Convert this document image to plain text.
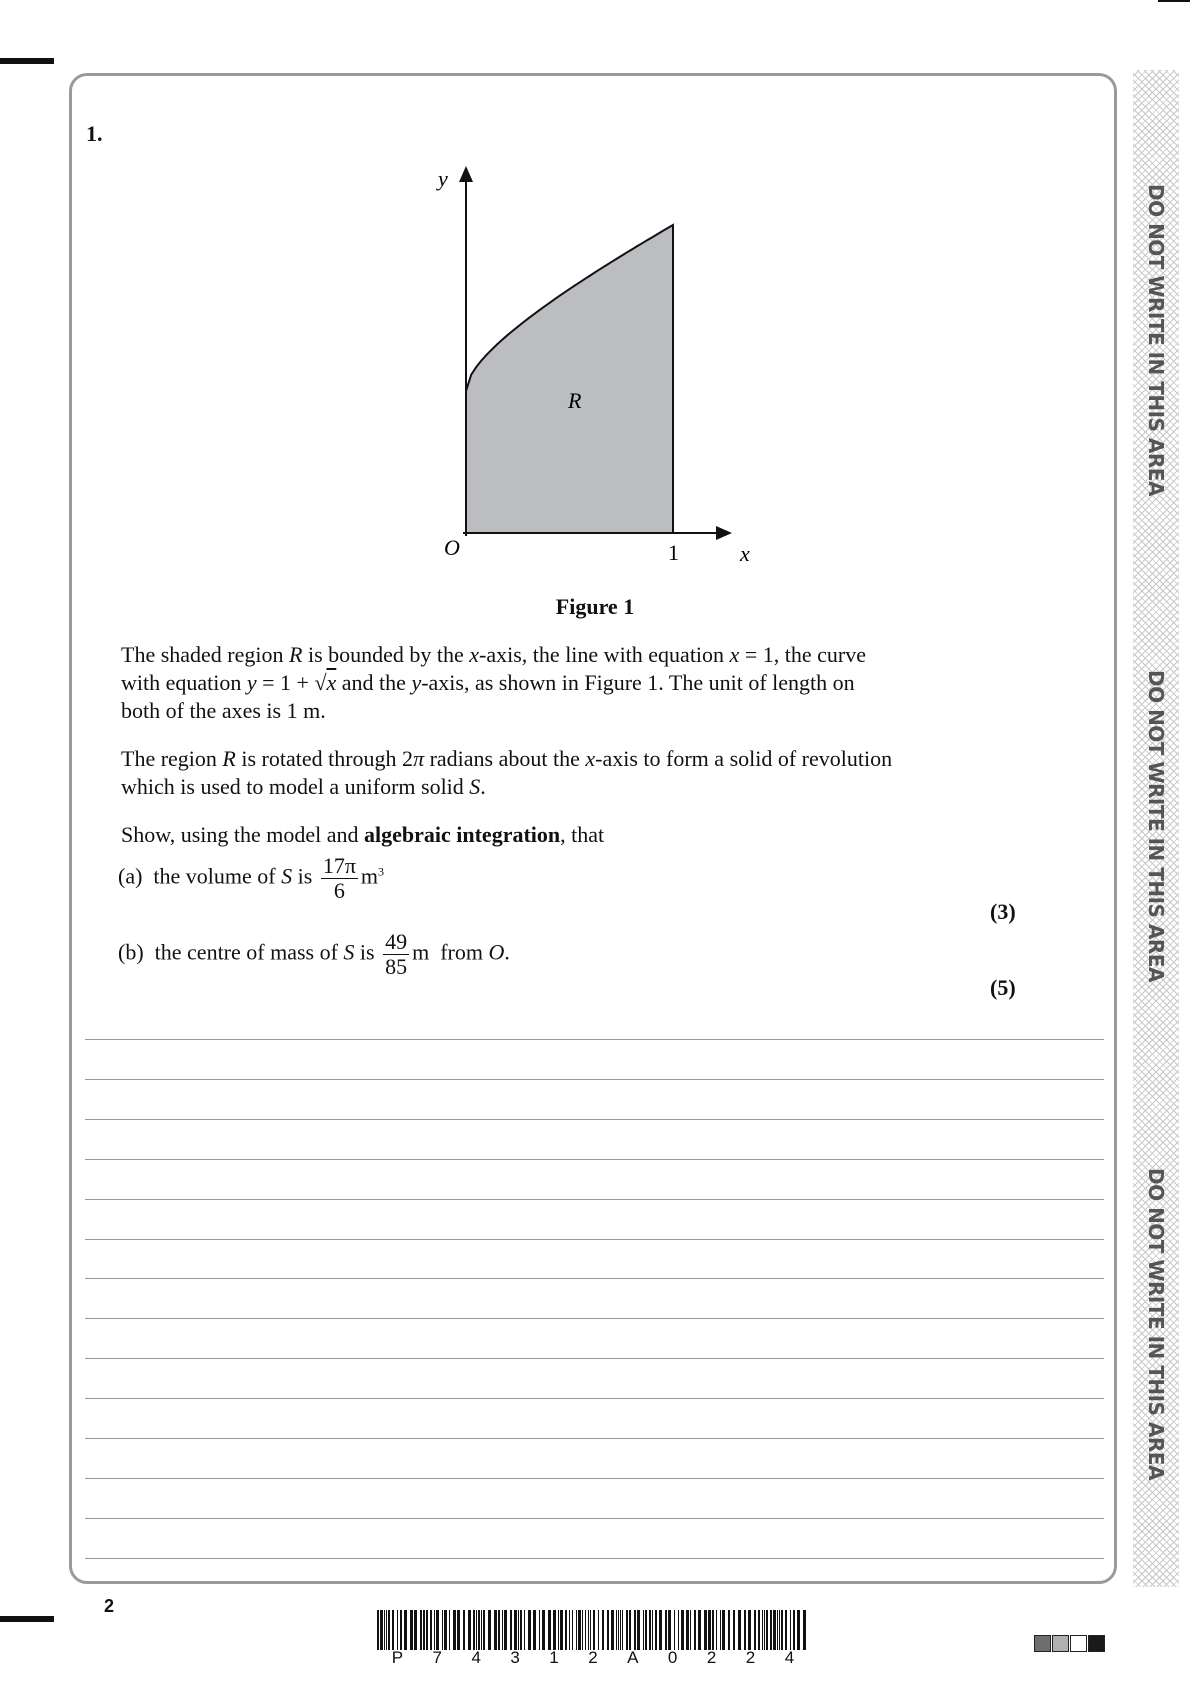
DO NOT WRITE IN THIS AREA
DO NOT WRITE IN THIS AREA
DO NOT WRITE IN THIS AREA
1.
y
O	1	x
R
Figure 1
The shaded region R is bounded by the x-axis, the line with equation x = 1, the curve
with equation y = 1 + √x and the y-axis, as shown in Figure 1. The unit of length on
both of the axes is 1 m.
The region R is rotated through 2π radians about the x-axis to form a solid of revolution
which is used to model a uniform solid S.
Show, using the model and algebraic integration, that
(a) the volume of S is $\frac{17\pi}{6} m^3$
(3)
(b) the centre of mass of S is $\frac{49}{85}$ m  from O.
(5)
2
P 7 4 3 1 2 A 0 2 2 4
